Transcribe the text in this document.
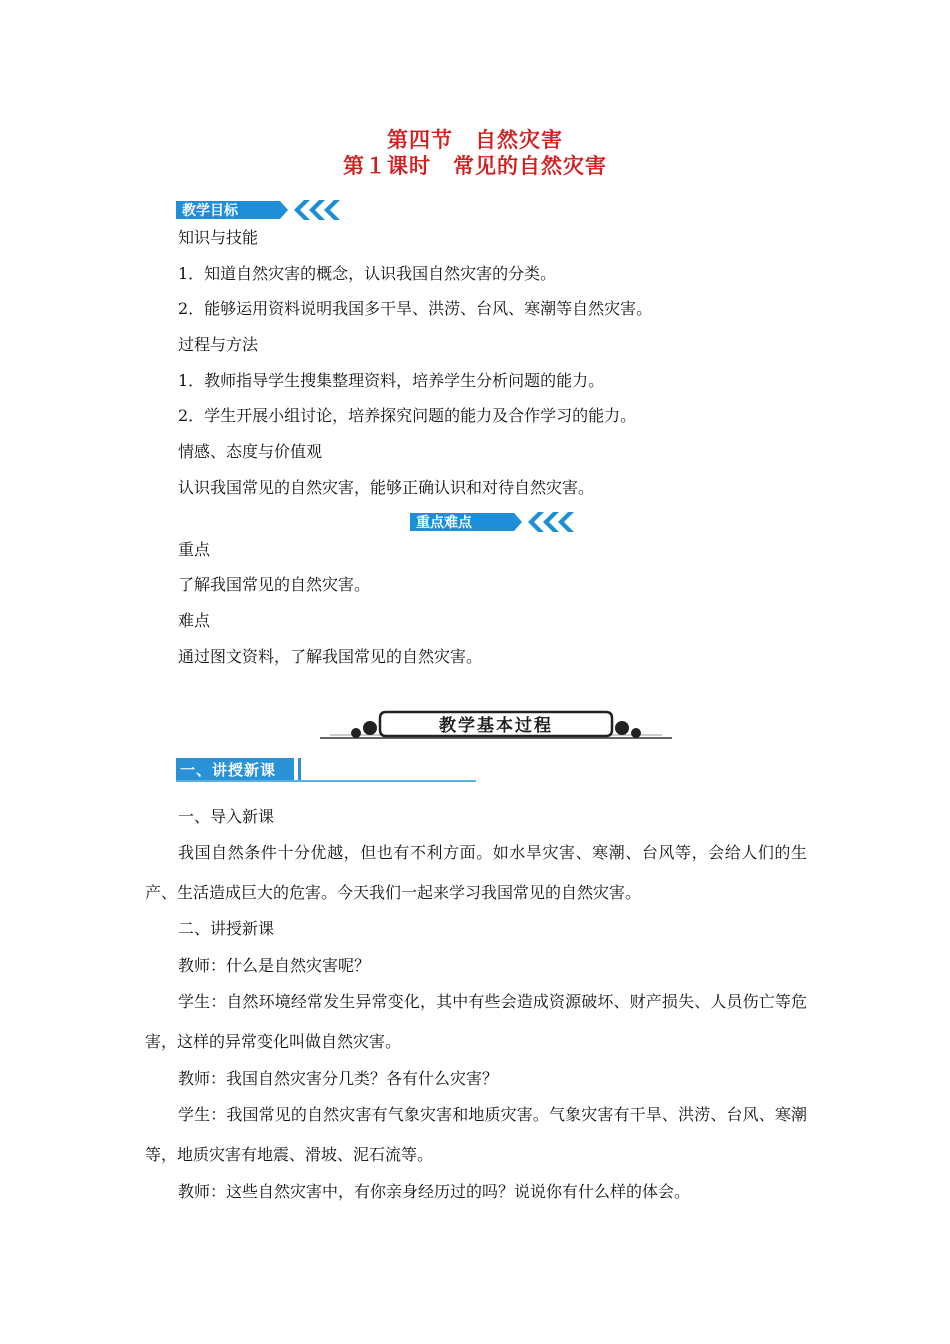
第四节　自然灾害
第１课时　常见的自然灾害
教学目标
知识与技能
1．知道自然灾害的概念，认识我国自然灾害的分类。
2．能够运用资料说明我国多干旱、洪涝、台风、寒潮等自然灾害。
过程与方法
1．教师指导学生搜集整理资料，培养学生分析问题的能力。
2．学生开展小组讨论，培养探究问题的能力及合作学习的能力。
情感、态度与价值观
认识我国常见的自然灾害，能够正确认识和对待自然灾害。
重点难点
重点
了解我国常见的自然灾害。
难点
通过图文资料，了解我国常见的自然灾害。
教学基本过程
一、讲授新课
一、导入新课
我国自然条件十分优越，但也有不利方面。如水旱灾害、寒潮、台风等，会给人们的生产、生活造成巨大的危害。今天我们一起来学习我国常见的自然灾害。
二、讲授新课
教师：什么是自然灾害呢？
学生：自然环境经常发生异常变化，其中有些会造成资源破坏、财产损失、人员伤亡等危害，这样的异常变化叫做自然灾害。
教师：我国自然灾害分几类？各有什么灾害？
学生：我国常见的自然灾害有气象灾害和地质灾害。气象灾害有干旱、洪涝、台风、寒潮等，地质灾害有地震、滑坡、泥石流等。
教师：这些自然灾害中，有你亲身经历过的吗？说说你有什么样的体会。
